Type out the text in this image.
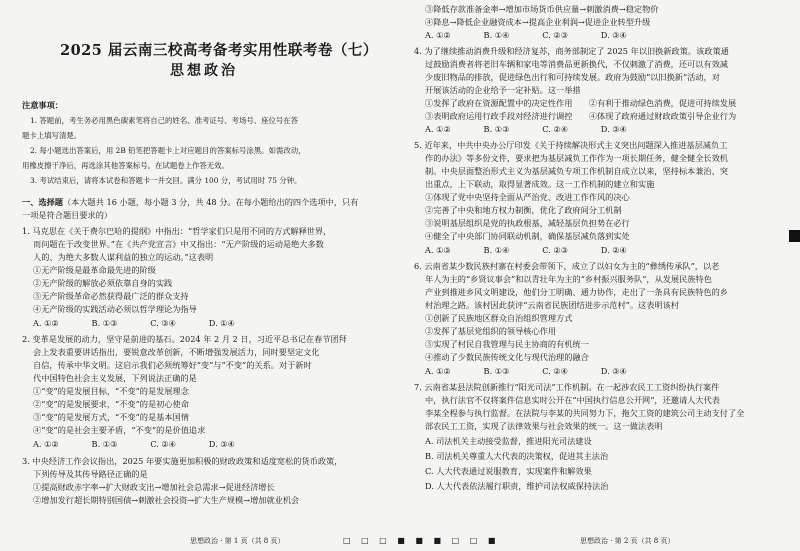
2025 届云南三校高考备考实用性联考卷（七）
思想政治
注意事项：
1. 答题前，考生务必用黑色碳素笔将自己的姓名、准考证号、考场号、座位号在答
题卡上填写清楚。
2. 每小题选出答案后，用 2B 铅笔把答题卡上对应题目的答案标号涂黑。如需改动，
用橡皮擦干净后，再选涂其他答案标号。在试题卷上作答无效。
3. 考试结束后，请将本试卷和答题卡一并交回。满分 100 分，考试用时 75 分钟。
一、选择题（本大题共 16 小题，每小题 3 分，共 48 分。在每小题给出的四个选项中，只有
一项是符合题目要求的）
1. 马克思在《关于费尔巴哈的提纲》中指出：“哲学家们只是用不同的方式解释世界，
而问题在于改变世界。”在《共产党宣言》中又指出：“无产阶级的运动是绝大多数
人的、为绝大多数人谋利益的独立的运动。”这表明
①无产阶级是最革命最先进的阶级
②无产阶级的解放必须依靠自身的实践
③无产阶级革命必然获得最广泛的群众支持
④无产阶级的实践活动必须以哲学理论为指导
A. ①②　　　　B. ①③　　　　C. ③④　　　　D. ①④
2. 变革是发展的动力，坚守是前进的基石。2024 年 2 月 2 日，习近平总书记在春节团拜
会上发表重要讲话指出，要锐意改革创新，不断增强发展活力，同时要坚定文化
自信，传承中华文明。这启示我们必须统筹好“变”与“不变”的关系。对于新时
代中国特色社会主义发展，下列说法正确的是
①“变”的是发展目标，“不变”的是发展理念
②“变”的是发展要求，“不变”的是初心使命
③“变”的是发展方式，“不变”的是基本国情
④“变”的是社会主要矛盾，“不变”的是价值追求
A. ①②　　　　B. ①③　　　　C. ②④　　　　D. ③④
3. 中央经济工作会议指出，2025 年要实施更加积极的财政政策和适度宽松的货币政策，
下列传导及其传导路径正确的是
①提高财政赤字率→扩大财政支出→增加社会总需求→促进经济增长
②增加发行超长期特别国债→刺激社会投资→扩大生产规模→增加就业机会
③降低存款准备金率→增加市场货币供应量→刺激消费→稳定物价
④降息→降低企业融资成本→提高企业利润→促进企业转型升级
A. ①②　　　　B. ①④　　　　C. ②③　　　　D. ③④
4. 为了继续推动消费升级和经济复苏，商务部制定了 2025 年以旧换新政策。该政策通
过鼓励消费者将老旧车辆和家电等消费品更新换代，不仅刺激了消费，还可以有效减
少废旧物品的排放，促进绿色出行和可持续发展。政府为鼓励“以旧换新”活动，对
开展该活动的企业给予一定补贴。这一举措
①发挥了政府在资源配置中的决定性作用　　②有利于推动绿色消费，促进可持续发展
③表明政府运用行政手段对经济进行调控　　④体现了政府通过财政政策引导企业行为
A. ①②　　　　B. ①③　　　　C. ②④　　　　D. ③④
5. 近年来，中共中央办公厅印发《关于持续解决形式主义突出问题深入推进基层减负工
作的办法》等多份文件，要求把为基层减负工作作为一项长期任务，健全健全长效机
制。中央层面整治形式主义为基层减负专项工作机制自成立以来，坚持标本兼治、突
出重点，上下联动，取得显著成效。这一工作机制的建立和实施
①体现了党中央坚持全面从严治党、改进工作作风的决心
②完善了中央和地方权力制衡，优化了政府间分工机制
③说明基层组织是党的执政根基，减轻基层负担势在必行
④健全了中央部门协同联动机制，确保基层减负落到实处
A. ①③　　　　B. ①④　　　　C. ②③　　　　D. ②④
6. 云南省某少数民族村寨在村委会带领下，成立了以妇女为主的“彝绣传承队”，以老
年人为主的“乡贤议事会”和以青壮年为主的“乡村振兴服务队”，从发展民族特色
产业到推进乡风文明建设，他们分工明确、通力协作，走出了一条具有民族特色的乡
村治理之路。该村因此获评“云南省民族团结进步示范村”。这表明该村
①创新了民族地区群众自治组织管理方式
②发挥了基层党组织的领导核心作用
③实现了村民自我管理与民主协商的有机统一
④推动了少数民族传统文化与现代治理的融合
A. ①②　　　　B. ①③　　　　C. ②④　　　　D. ③④
7. 云南省某县法院创新推行“阳光司法”工作机制。在一起涉农民工工资纠纷执行案件
中，执行法官不仅将案件信息实时公开在“中国执行信息公开网”，还邀请人大代表
李某全程参与执行监督。在法院与李某的共同努力下，拖欠工资的建筑公司主动支付了全
部农民工工资，实现了法律效果与社会效果的统一。这一做法表明
A. 司法机关主动接受监督，推进阳光司法建设
B. 司法机关尊重人大代表的决策权，促进其主法治
C. 人大代表通过说服教育，实现案件和解效果
D. 人大代表依法履行职责，维护司法权威保持法治
思想政治 · 第 1 页（共 8 页）	□ □ □ ■ ■ ■ □ □ ■	思想政治 · 第 2 页（共 8 页）
